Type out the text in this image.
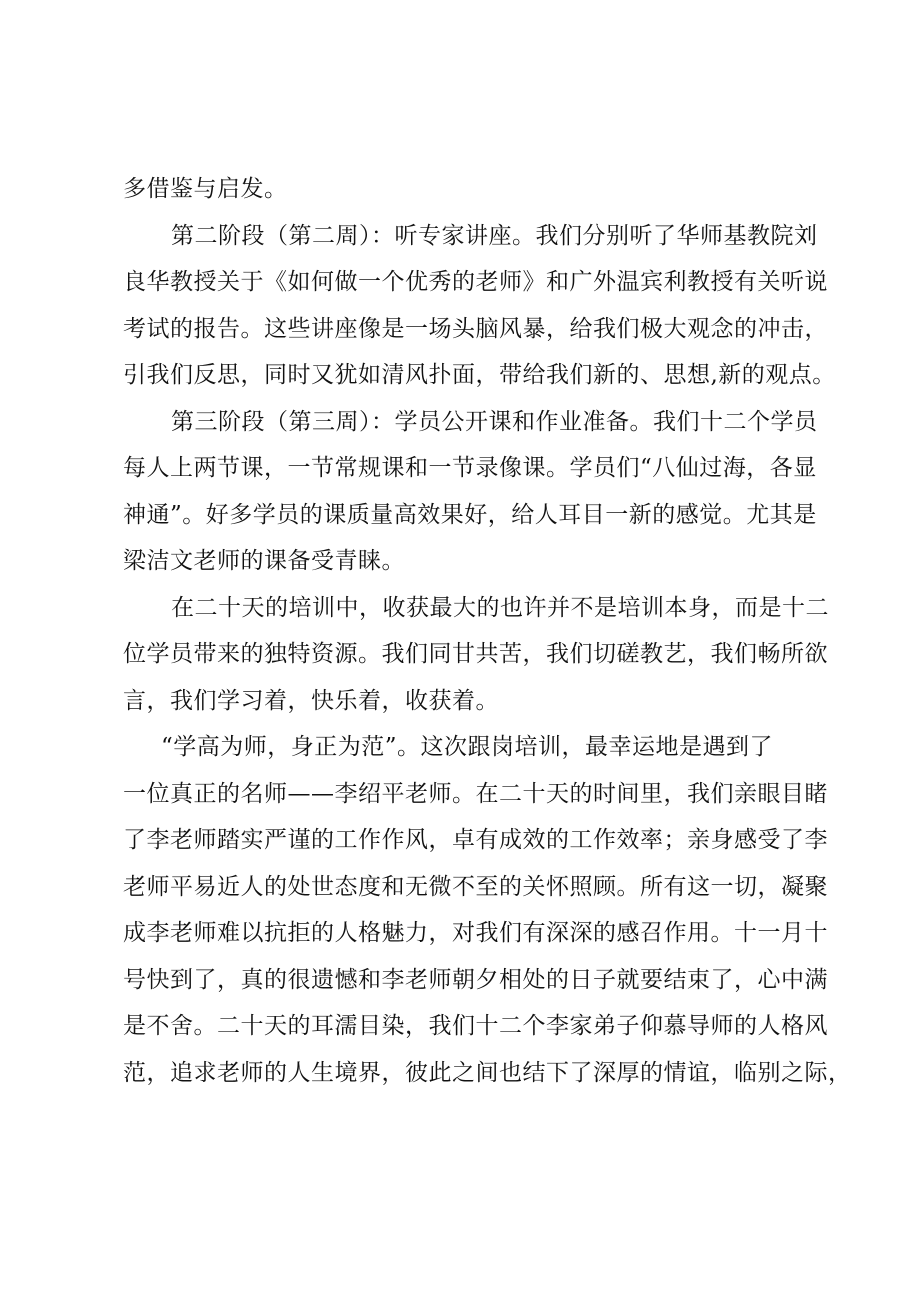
多借鉴与启发。
第二阶段（第二周）：听专家讲座。我们分别听了华师基教院刘
良华教授关于《如何做一个优秀的老师》和广外温宾利教授有关听说
考试的报告。这些讲座像是一场头脑风暴，给我们极大观念的冲击，
引我们反思，同时又犹如清风扑面，带给我们新的、思想,新的观点。
第三阶段（第三周）：学员公开课和作业准备。我们十二个学员
每人上两节课，一节常规课和一节录像课。学员们“八仙过海，各显
神通”。好多学员的课质量高效果好，给人耳目一新的感觉。尤其是
梁洁文老师的课备受青睐。
在二十天的培训中，收获最大的也许并不是培训本身，而是十二
位学员带来的独特资源。我们同甘共苦，我们切磋教艺，我们畅所欲
言，我们学习着，快乐着，收获着。
“学高为师，身正为范”。这次跟岗培训，最幸运地是遇到了
一位真正的名师——李绍平老师。在二十天的时间里，我们亲眼目睹
了李老师踏实严谨的工作作风，卓有成效的工作效率；亲身感受了李
老师平易近人的处世态度和无微不至的关怀照顾。所有这一切，凝聚
成李老师难以抗拒的人格魅力，对我们有深深的感召作用。十一月十
号快到了，真的很遗憾和李老师朝夕相处的日子就要结束了，心中满
是不舍。二十天的耳濡目染，我们十二个李家弟子仰慕导师的人格风
范，追求老师的人生境界，彼此之间也结下了深厚的情谊，临别之际，
